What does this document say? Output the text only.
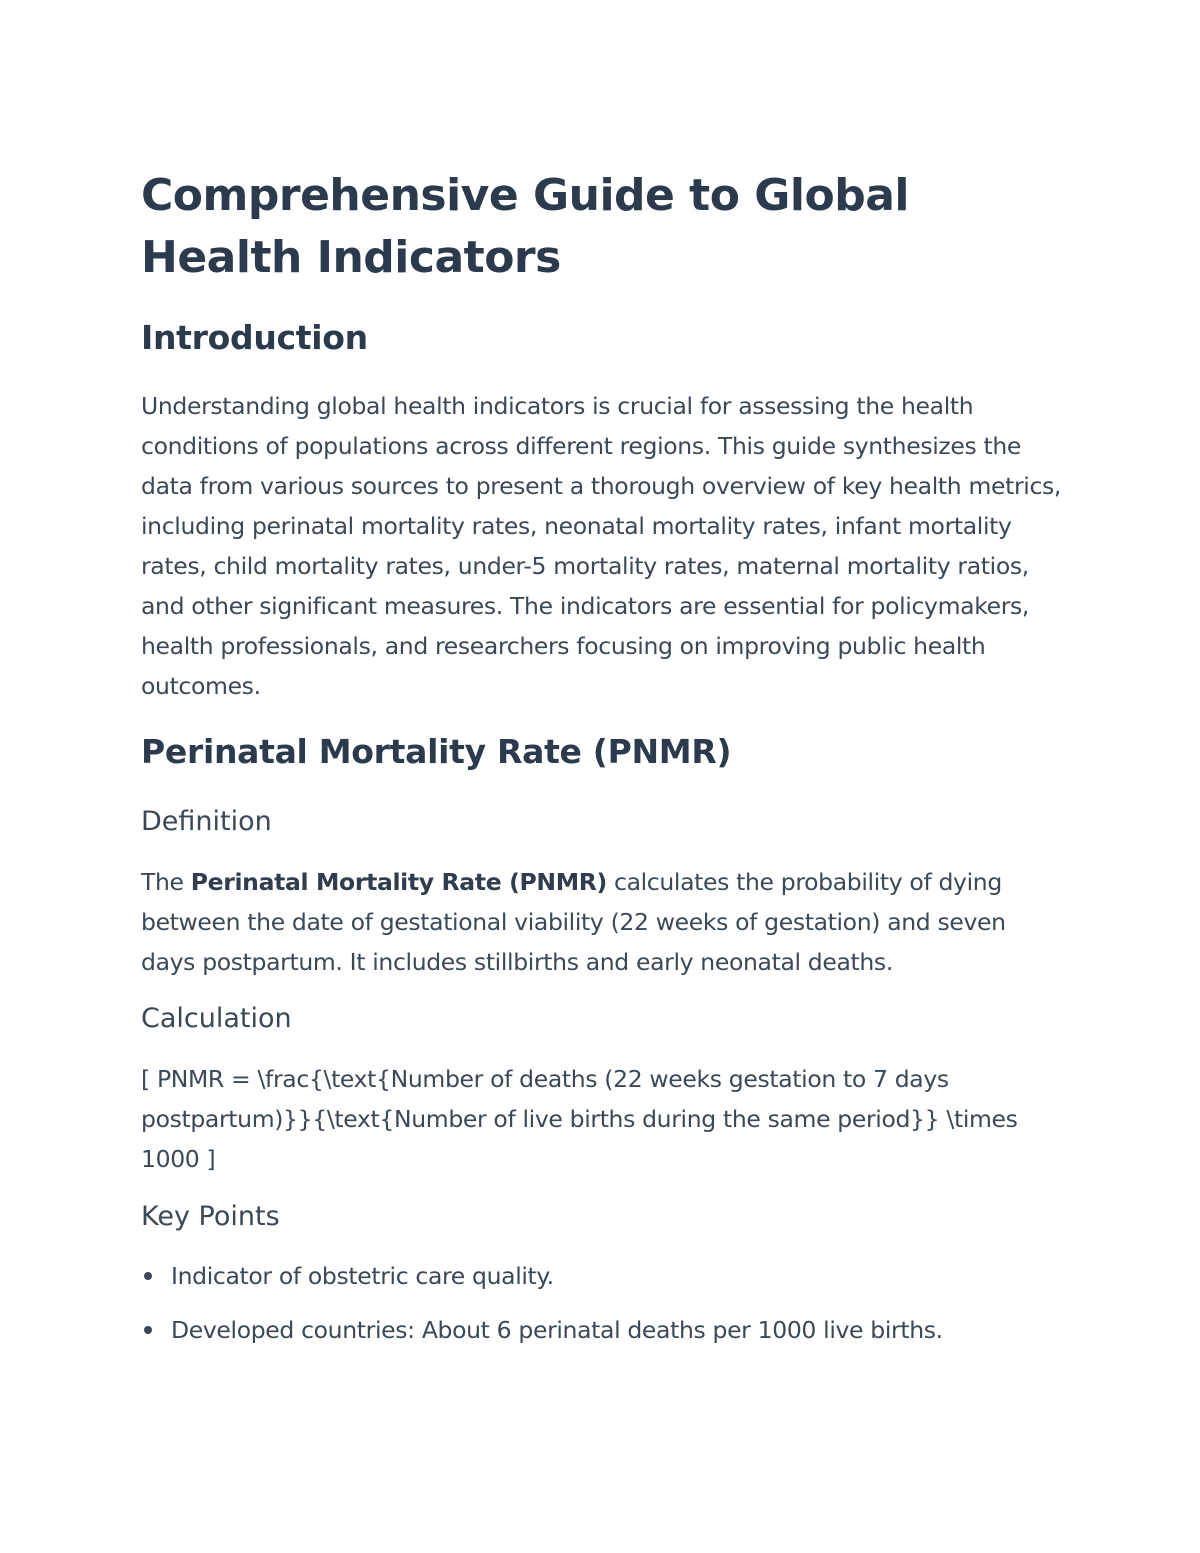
Comprehensive Guide to Global Health Indicators
Introduction

Understanding global health indicators is crucial for assessing the health conditions of populations across different regions. This guide synthesizes the data from various sources to present a thorough overview of key health metrics, including perinatal mortality rates, neonatal mortality rates, infant mortality rates, child mortality rates, under-5 mortality rates, maternal mortality ratios, and other significant measures. The indicators are essential for policymakers, health professionals, and researchers focusing on improving public health outcomes.

Perinatal Mortality Rate (PNMR)
Definition

The Perinatal Mortality Rate (PNMR) calculates the probability of dying between the date of gestational viability (22 weeks of gestation) and seven days postpartum. It includes stillbirths and early neonatal deaths.

Calculation

[ PNMR = \frac{\text{Number of deaths (22 weeks gestation to 7 days postpartum)}}{\text{Number of live births during the same period}} \times 1000 ]

Key Points
Indicator of obstetric care quality.
Developed countries: About 6 perinatal deaths per 1000 live births.
